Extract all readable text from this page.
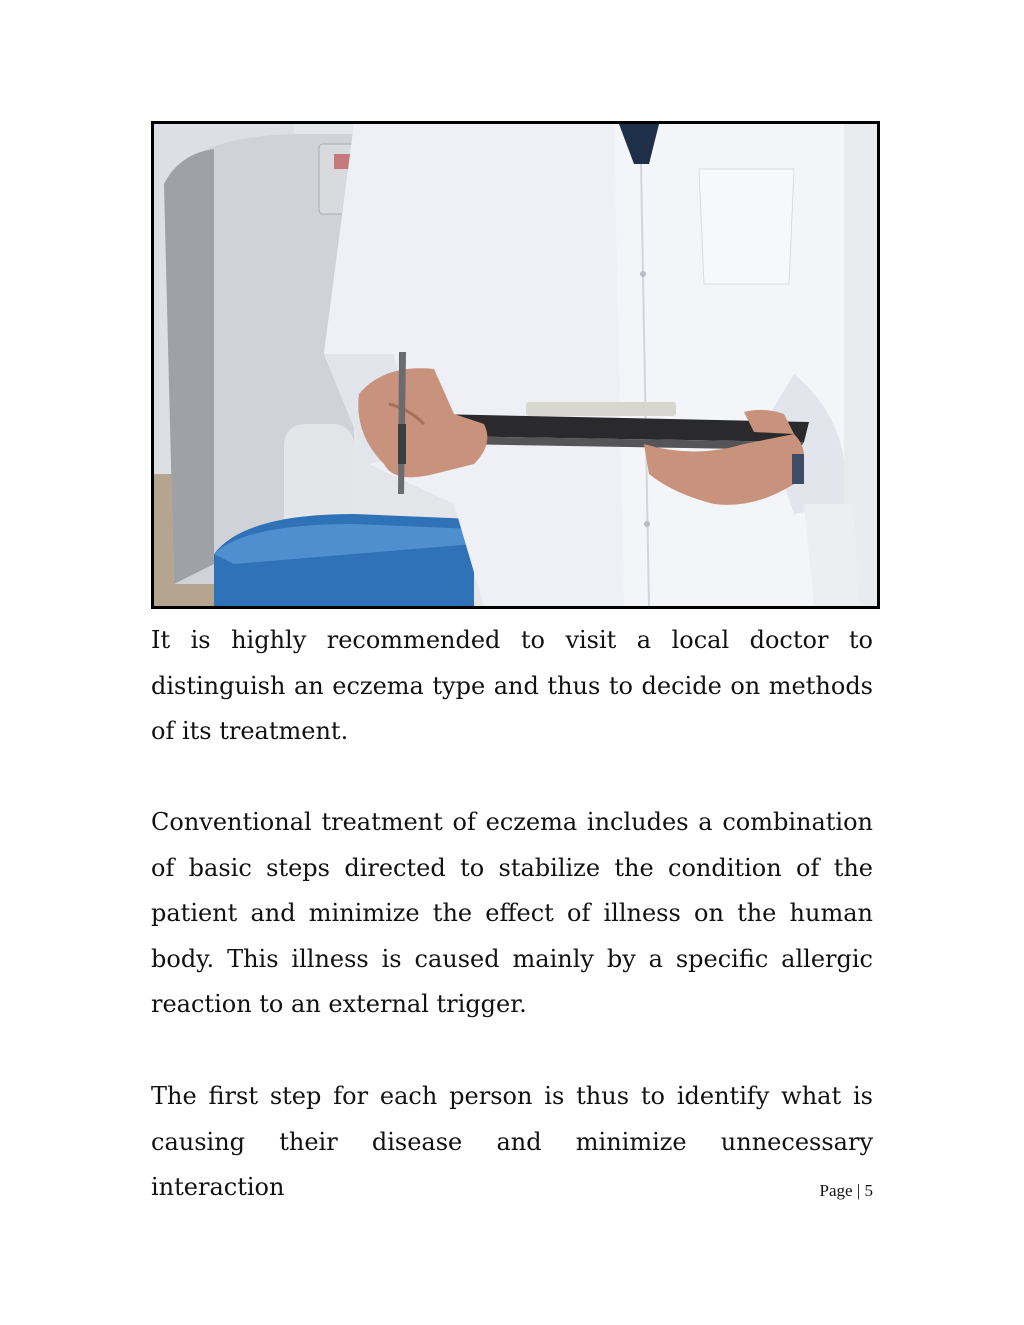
It is highly recommended to visit a local doctor to distinguish an eczema type and thus to decide on methods of its treatment.

Conventional treatment of eczema includes a combination of basic steps directed to stabilize the condition of the patient and minimize the effect of illness on the human body. This illness is caused mainly by a specific allergic reaction to an external trigger.

The first step for each person is thus to identify what is causing their disease and minimize unnecessary interaction	Page | 5
